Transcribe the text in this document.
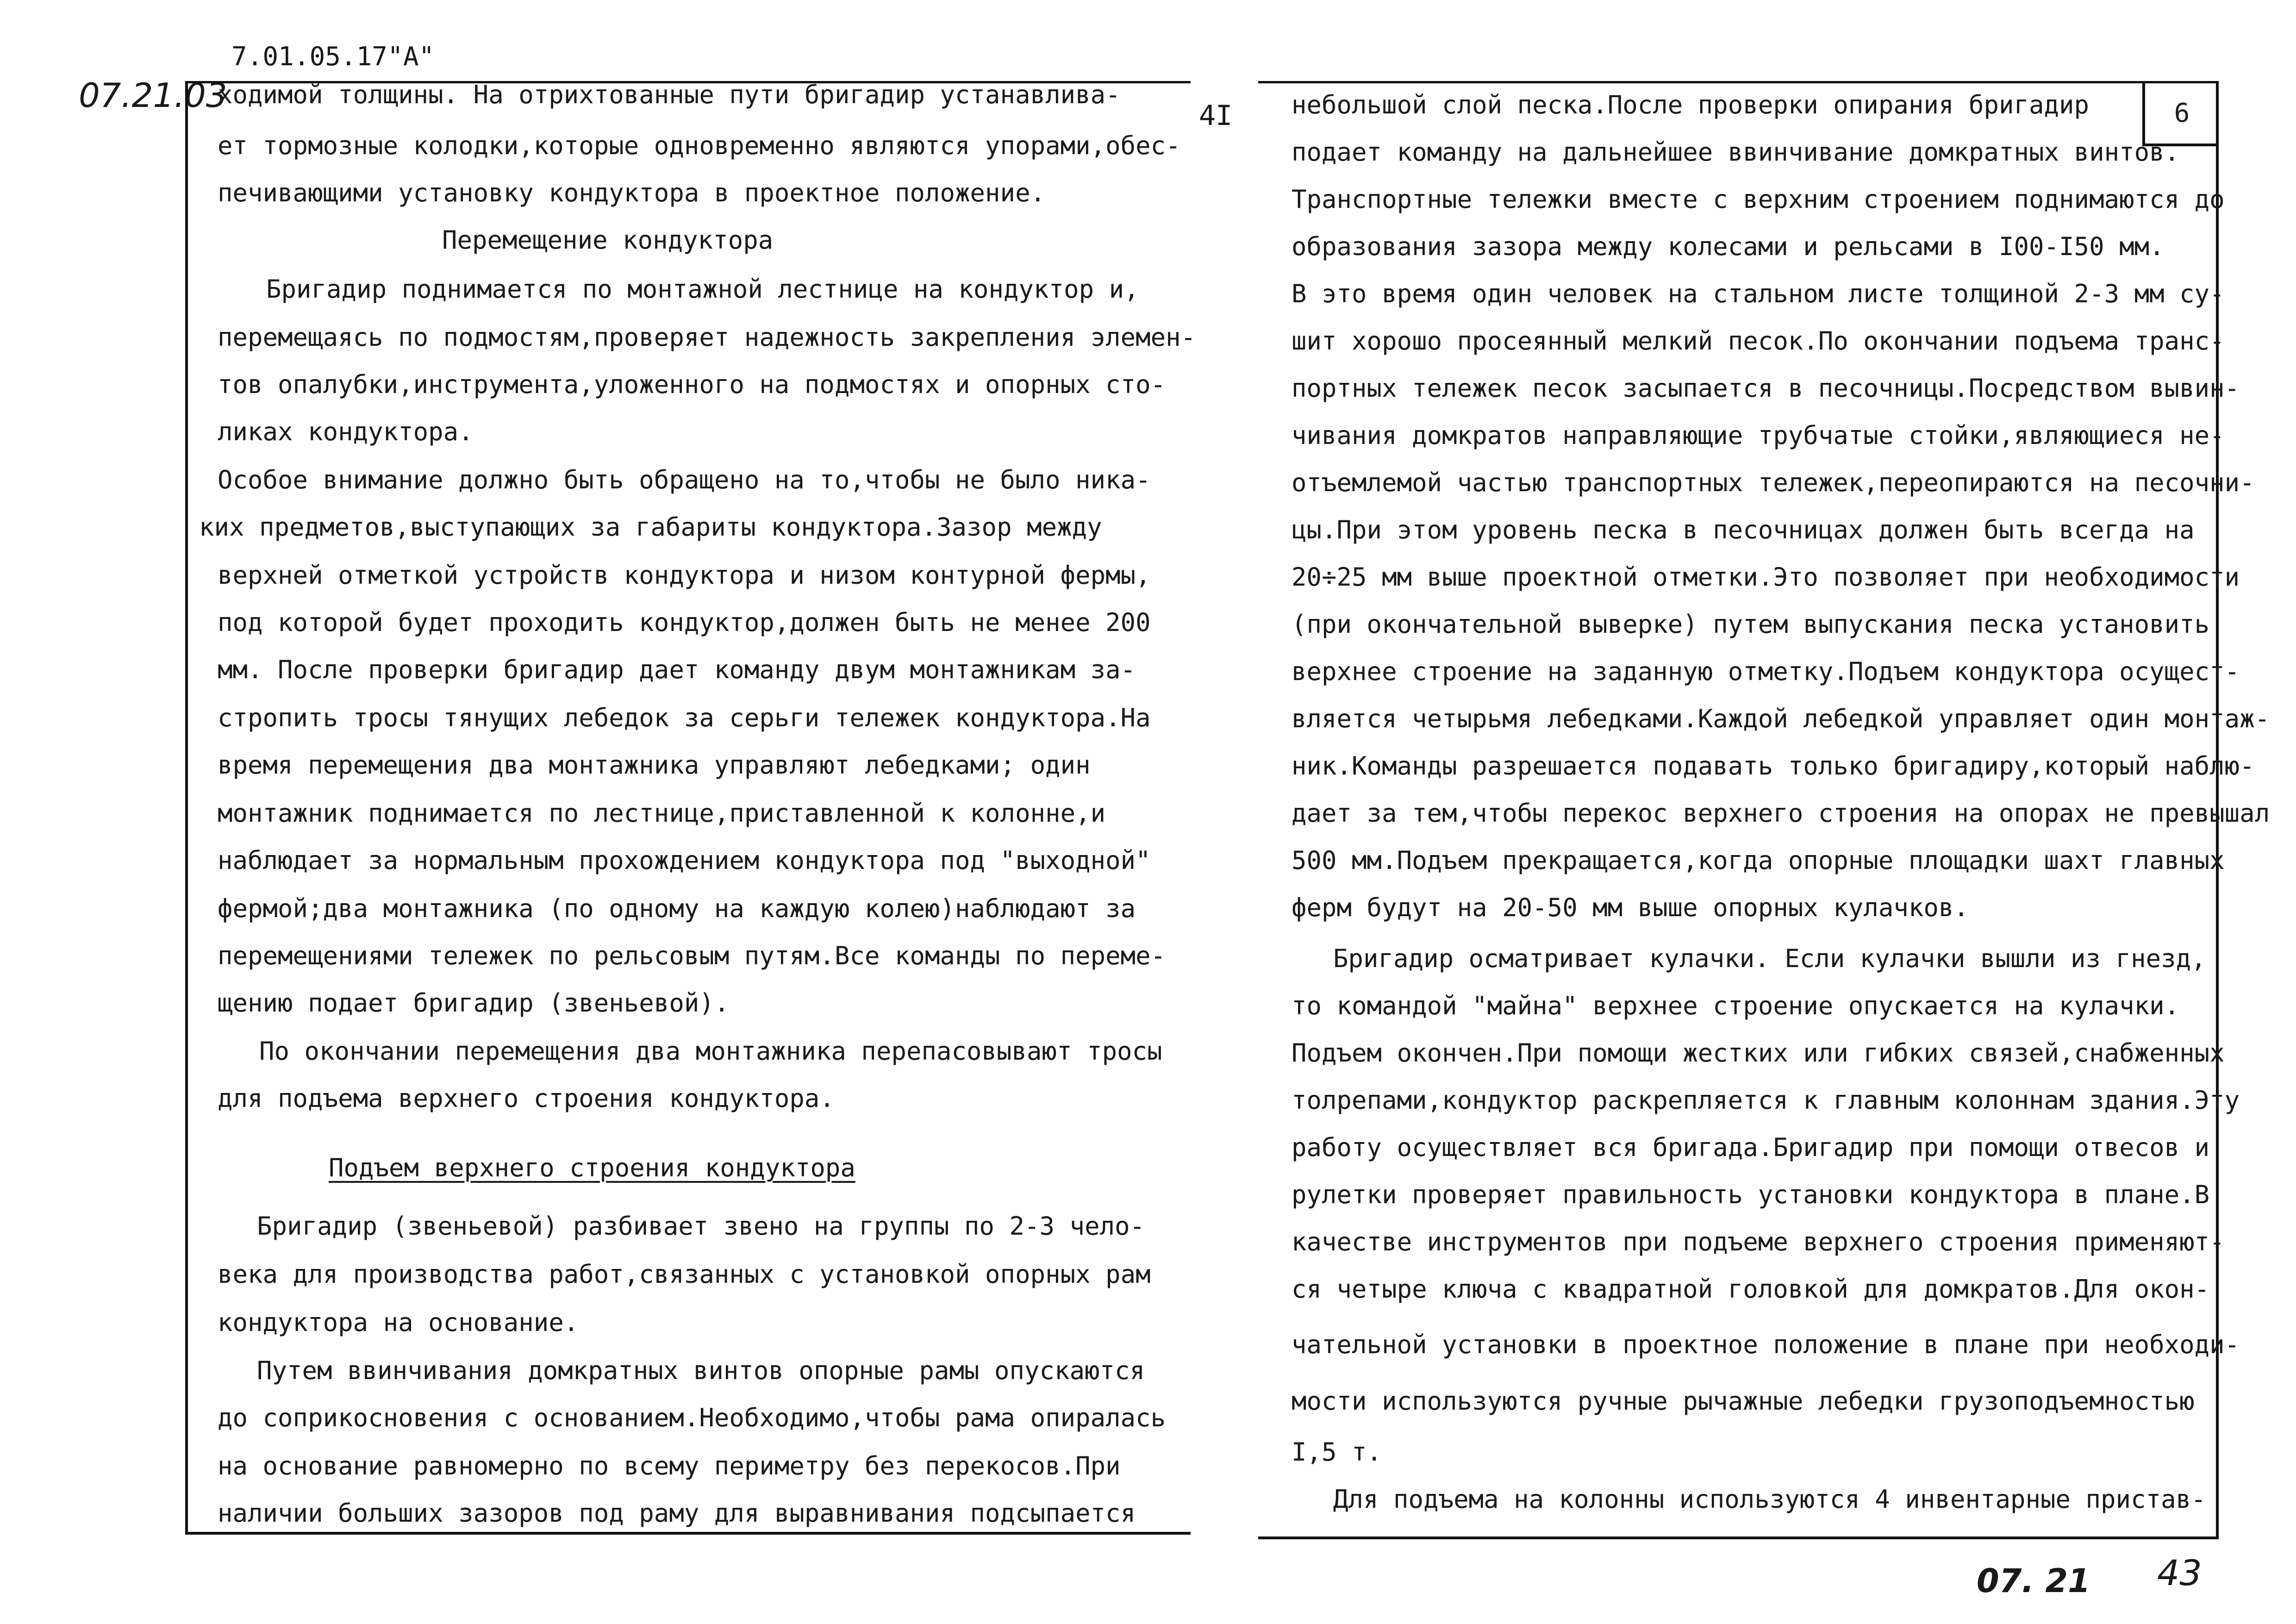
7.01.05.17"А"
07.21.03
4I	6
ходимой толщины. На отрихтованные пути бригадир устанавлива-
ет тормозные колодки,которые одновременно являются упорами,обес-
печивающими установку кондуктора в проектное положение.
Перемещение кондуктора
Бригадир поднимается по монтажной лестнице на кондуктор и,
перемещаясь по подмостям,проверяет надежность закрепления элемен-
тов опалубки,инструмента,уложенного на подмостях и опорных сто-
ликах кондуктора.
Особое внимание должно быть обращено на то,чтобы не было ника-
ких предметов,выступающих за габариты кондуктора.Зазор между
верхней отметкой устройств кондуктора и низом контурной фермы,
под которой будет проходить кондуктор,должен быть не менее 200
мм. После проверки бригадир дает команду двум монтажникам за-
стропить тросы тянущих лебедок за серьги тележек кондуктора.На
время перемещения два монтажника управляют лебедками; один
монтажник поднимается по лестнице,приставленной к колонне,и
наблюдает за нормальным прохождением кондуктора под "выходной"
фермой;два монтажника (по одному на каждую колею)наблюдают за
перемещениями тележек по рельсовым путям.Все команды по переме-
щению подает бригадир (звеньевой).
По окончании перемещения два монтажника перепасовывают тросы
для подъема верхнего строения кондуктора.
Подъем верхнего строения кондуктора
Бригадир (звеньевой) разбивает звено на группы по 2-3 чело-
века для производства работ,связанных с установкой опорных рам
кондуктора на основание.
Путем ввинчивания домкратных винтов опорные рамы опускаются
до соприкосновения с основанием.Необходимо,чтобы рама опиралась
на основание равномерно по всему периметру без перекосов.При
наличии больших зазоров под раму для выравнивания подсыпается
небольшой слой песка.После проверки опирания бригадир
подает команду на дальнейшее ввинчивание домкратных винтов.
Транспортные тележки вместе с верхним строением поднимаются до
образования зазора между колесами и рельсами в I00-I50 мм.
В это время один человек на стальном листе толщиной 2-3 мм су-
шит хорошо просеянный мелкий песок.По окончании подъема транс-
портных тележек песок засыпается в песочницы.Посредством вывин-
чивания домкратов направляющие трубчатые стойки,являющиеся не-
отъемлемой частью транспортных тележек,переопираются на песочни-
цы.При этом уровень песка в песочницах должен быть всегда на
20÷25 мм выше проектной отметки.Это позволяет при необходимости
(при окончательной выверке) путем выпускания песка установить
верхнее строение на заданную отметку.Подъем кондуктора осущест-
вляется четырьмя лебедками.Каждой лебедкой управляет один монтаж-
ник.Команды разрешается подавать только бригадиру,который наблю-
дает за тем,чтобы перекос верхнего строения на опорах не превышал
500 мм.Подъем прекращается,когда опорные площадки шахт главных
ферм будут на 20-50 мм выше опорных кулачков.
Бригадир осматривает кулачки. Если кулачки вышли из гнезд,
то командой "майна" верхнее строение опускается на кулачки.
Подъем окончен.При помощи жестких или гибких связей,снабженных
толрепами,кондуктор раскрепляется к главным колоннам здания.Эту
работу осуществляет вся бригада.Бригадир при помощи отвесов и
рулетки проверяет правильность установки кондуктора в плане.В
качестве инструментов при подъеме верхнего строения применяют-
ся четыре ключа с квадратной головкой для домкратов.Для окон-
чательной установки в проектное положение в плане при необходи-
мости используются ручные рычажные лебедки грузоподъемностью
I,5 т.
Для подъема на колонны используются 4 инвентарные пристав-
07. 21 43
